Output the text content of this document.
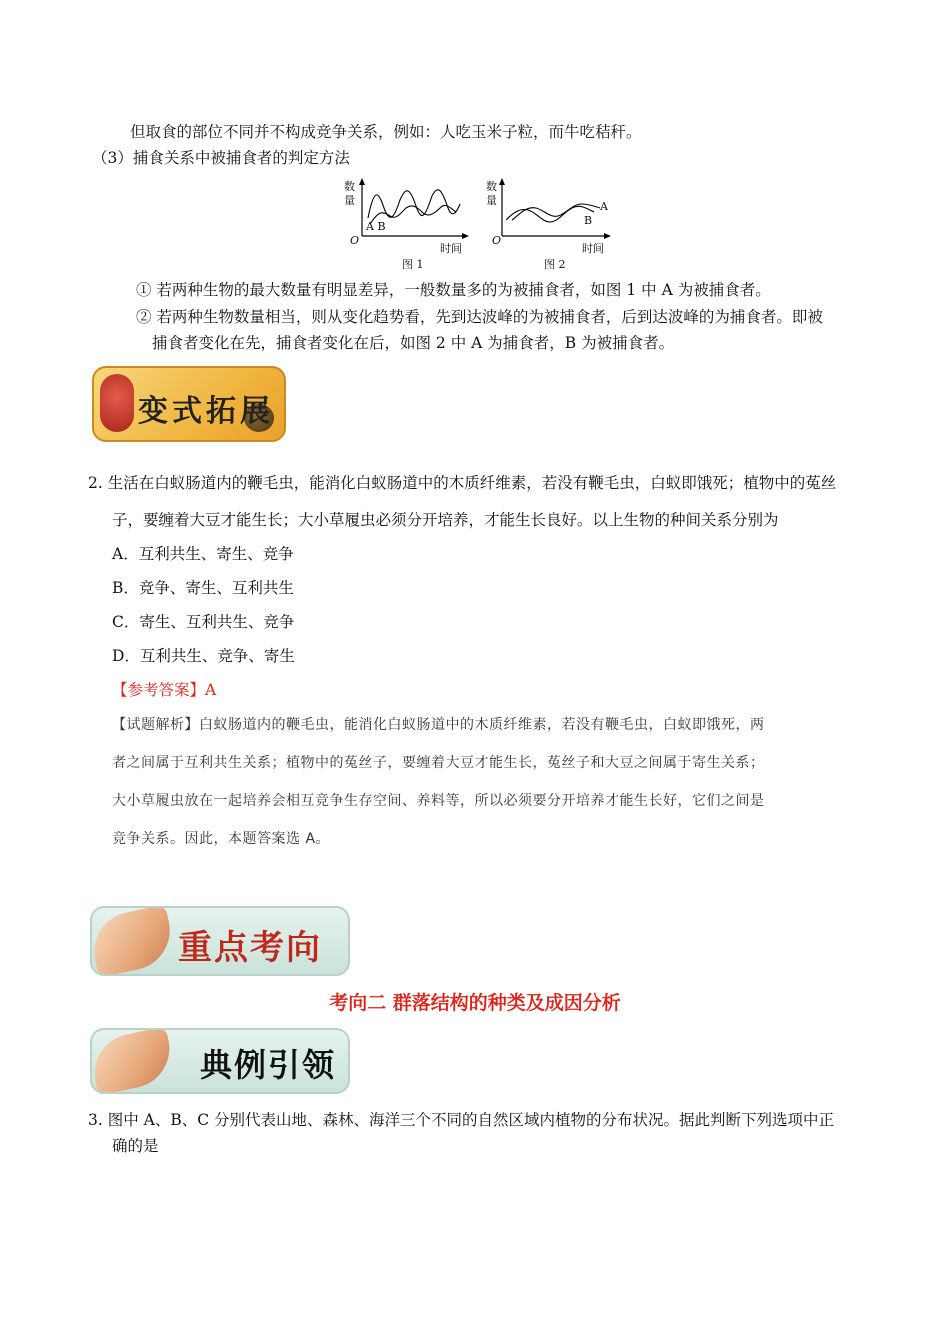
但取食的部位不同并不构成竞争关系，例如：人吃玉米子粒，而牛吃秸秆。
（3）捕食关系中被捕食者的判定方法
数
量
A B
O
时间
图 1
数
量	A
B
O
时间
图 2
① 若两种生物的最大数量有明显差异，一般数量多的为被捕食者，如图 1 中 A 为被捕食者。
② 若两种生物数量相当，则从变化趋势看，先到达波峰的为被捕食者，后到达波峰的为捕食者。即被
捕食者变化在先，捕食者变化在后，如图 2 中 A 为捕食者，B 为被捕食者。
变式拓展
2. 生活在白蚁肠道内的鞭毛虫，能消化白蚁肠道中的木质纤维素，若没有鞭毛虫，白蚁即饿死；植物中的菟丝
子，要缠着大豆才能生长；大小草履虫必须分开培养，才能生长良好。以上生物的种间关系分别为
A．互利共生、寄生、竞争
B．竞争、寄生、互利共生
C．寄生、互利共生、竞争
D．互利共生、竞争、寄生
【参考答案】A
【试题解析】白蚁肠道内的鞭毛虫，能消化白蚁肠道中的木质纤维素，若没有鞭毛虫，白蚁即饿死，两
者之间属于互利共生关系；植物中的菟丝子，要缠着大豆才能生长，菟丝子和大豆之间属于寄生关系；
大小草履虫放在一起培养会相互竞争生存空间、养料等，所以必须要分开培养才能生长好，它们之间是
竞争关系。因此，本题答案选 A。
重点考向
考向二 群落结构的种类及成因分析
典例引领
3. 图中 A、B、C 分别代表山地、森林、海洋三个不同的自然区域内植物的分布状况。据此判断下列选项中正
确的是
